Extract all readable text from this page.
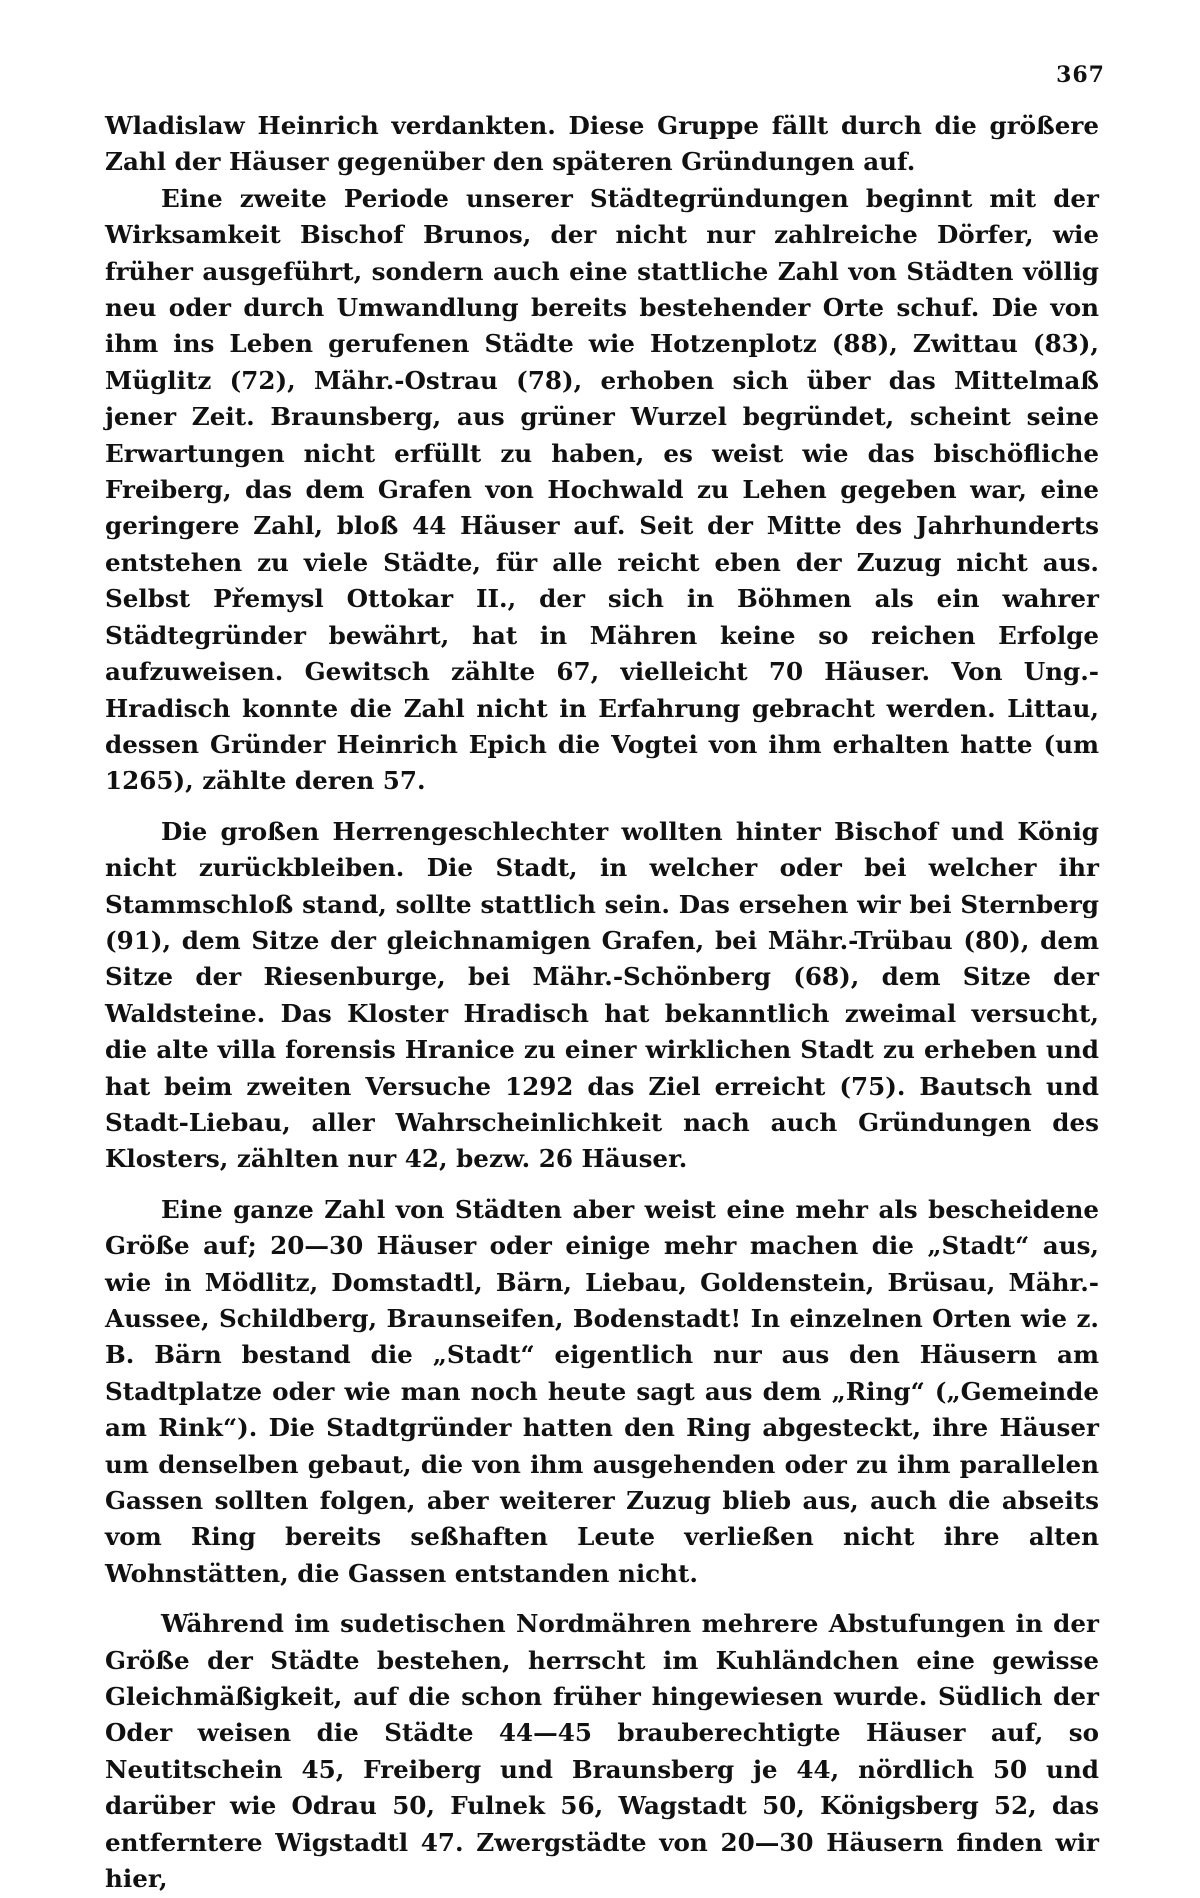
367

Wladislaw Heinrich verdankten. Diese Gruppe fällt durch die größere Zahl der Häuser gegenüber den späteren Gründungen auf.

Eine zweite Periode unserer Städtegründungen beginnt mit der Wirksamkeit Bischof Brunos, der nicht nur zahlreiche Dörfer, wie früher ausgeführt, sondern auch eine stattliche Zahl von Städten völlig neu oder durch Umwandlung bereits bestehender Orte schuf. Die von ihm ins Leben gerufenen Städte wie Hotzenplotz (88), Zwittau (83), Müglitz (72), Mähr.-Ostrau (78), erhoben sich über das Mittelmaß jener Zeit. Braunsberg, aus grüner Wurzel begründet, scheint seine Erwartungen nicht erfüllt zu haben, es weist wie das bischöfliche Freiberg, das dem Grafen von Hochwald zu Lehen gegeben war, eine geringere Zahl, bloß 44 Häuser auf. Seit der Mitte des Jahrhunderts entstehen zu viele Städte, für alle reicht eben der Zuzug nicht aus. Selbst Přemysl Ottokar II., der sich in Böhmen als ein wahrer Städtegründer bewährt, hat in Mähren keine so reichen Erfolge aufzuweisen. Gewitsch zählte 67, vielleicht 70 Häuser. Von Ung.-Hradisch konnte die Zahl nicht in Erfahrung gebracht werden. Littau, dessen Gründer Heinrich Epich die Vogtei von ihm erhalten hatte (um 1265), zählte deren 57.

Die großen Herrengeschlechter wollten hinter Bischof und König nicht zurückbleiben. Die Stadt, in welcher oder bei welcher ihr Stammschloß stand, sollte stattlich sein. Das ersehen wir bei Sternberg (91), dem Sitze der gleichnamigen Grafen, bei Mähr.-Trübau (80), dem Sitze der Riesenburge, bei Mähr.-Schönberg (68), dem Sitze der Waldsteine. Das Kloster Hradisch hat bekanntlich zweimal versucht, die alte villa forensis Hranice zu einer wirklichen Stadt zu erheben und hat beim zweiten Versuche 1292 das Ziel erreicht (75). Bautsch und Stadt-Liebau, aller Wahrscheinlichkeit nach auch Gründungen des Klosters, zählten nur 42, bezw. 26 Häuser.

Eine ganze Zahl von Städten aber weist eine mehr als bescheidene Größe auf; 20—30 Häuser oder einige mehr machen die „Stadt“ aus, wie in Mödlitz, Domstadtl, Bärn, Liebau, Goldenstein, Brüsau, Mähr.-Aussee, Schildberg, Braunseifen, Bodenstadt! In einzelnen Orten wie z. B. Bärn bestand die „Stadt“ eigentlich nur aus den Häusern am Stadtplatze oder wie man noch heute sagt aus dem „Ring“ („Gemeinde am Rink“). Die Stadtgründer hatten den Ring abgesteckt, ihre Häuser um denselben gebaut, die von ihm ausgehenden oder zu ihm parallelen Gassen sollten folgen, aber weiterer Zuzug blieb aus, auch die abseits vom Ring bereits seßhaften Leute verließen nicht ihre alten Wohnstätten, die Gassen entstanden nicht.

Während im sudetischen Nordmähren mehrere Abstufungen in der Größe der Städte bestehen, herrscht im Kuhländchen eine gewisse Gleichmäßigkeit, auf die schon früher hingewiesen wurde. Südlich der Oder weisen die Städte 44—45 brauberechtigte Häuser auf, so Neutitschein 45, Freiberg und Braunsberg je 44, nördlich 50 und darüber wie Odrau 50, Fulnek 56, Wagstadt 50, Königsberg 52, das entferntere Wigstadtl 47. Zwergstädte von 20—30 Häusern finden wir hier,
